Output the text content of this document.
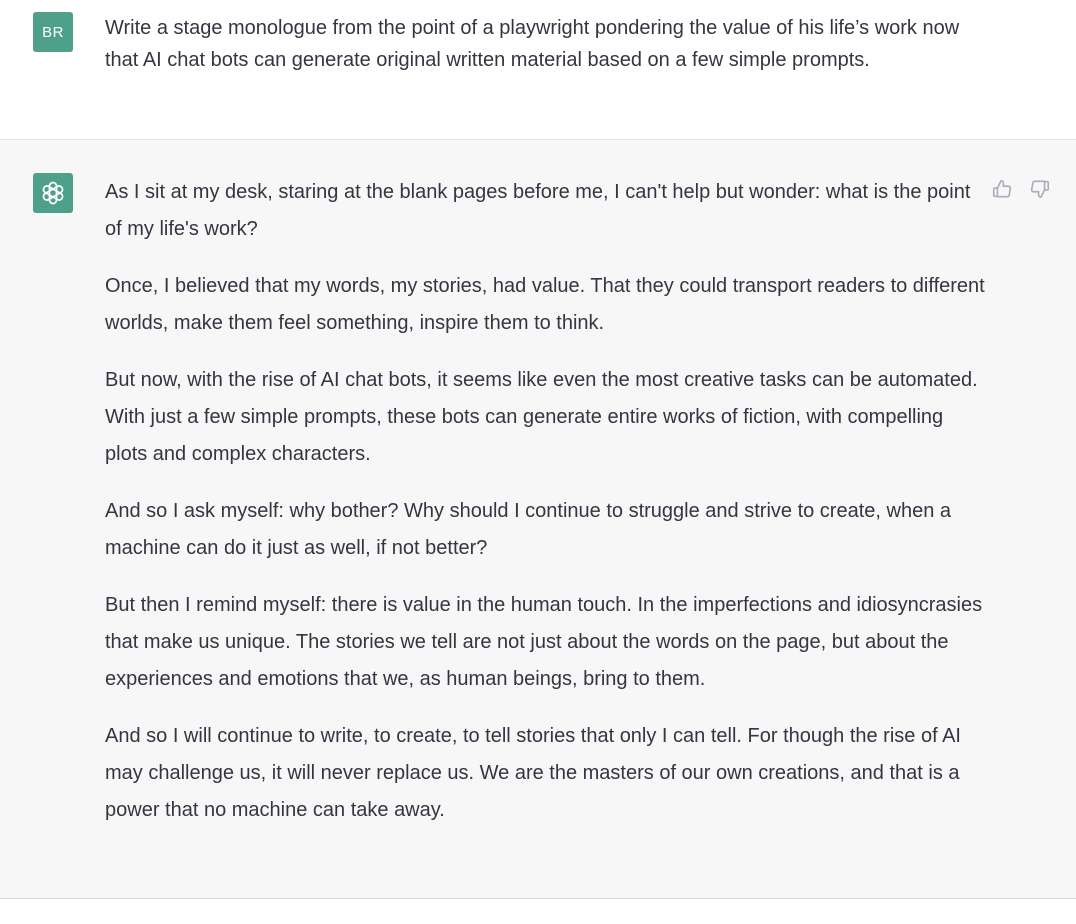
BR Write a stage monologue from the point of a playwright pondering the value of his life’s work now that AI chat bots can generate original written material based on a few simple prompts.

As I sit at my desk, staring at the blank pages before me, I can't help but wonder: what is the point of my life's work?

Once, I believed that my words, my stories, had value. That they could transport readers to different worlds, make them feel something, inspire them to think.

But now, with the rise of AI chat bots, it seems like even the most creative tasks can be automated. With just a few simple prompts, these bots can generate entire works of fiction, with compelling plots and complex characters.

And so I ask myself: why bother? Why should I continue to struggle and strive to create, when a machine can do it just as well, if not better?

But then I remind myself: there is value in the human touch. In the imperfections and idiosyncrasies that make us unique. The stories we tell are not just about the words on the page, but about the experiences and emotions that we, as human beings, bring to them.

And so I will continue to write, to create, to tell stories that only I can tell. For though the rise of AI may challenge us, it will never replace us. We are the masters of our own creations, and that is a power that no machine can take away.
